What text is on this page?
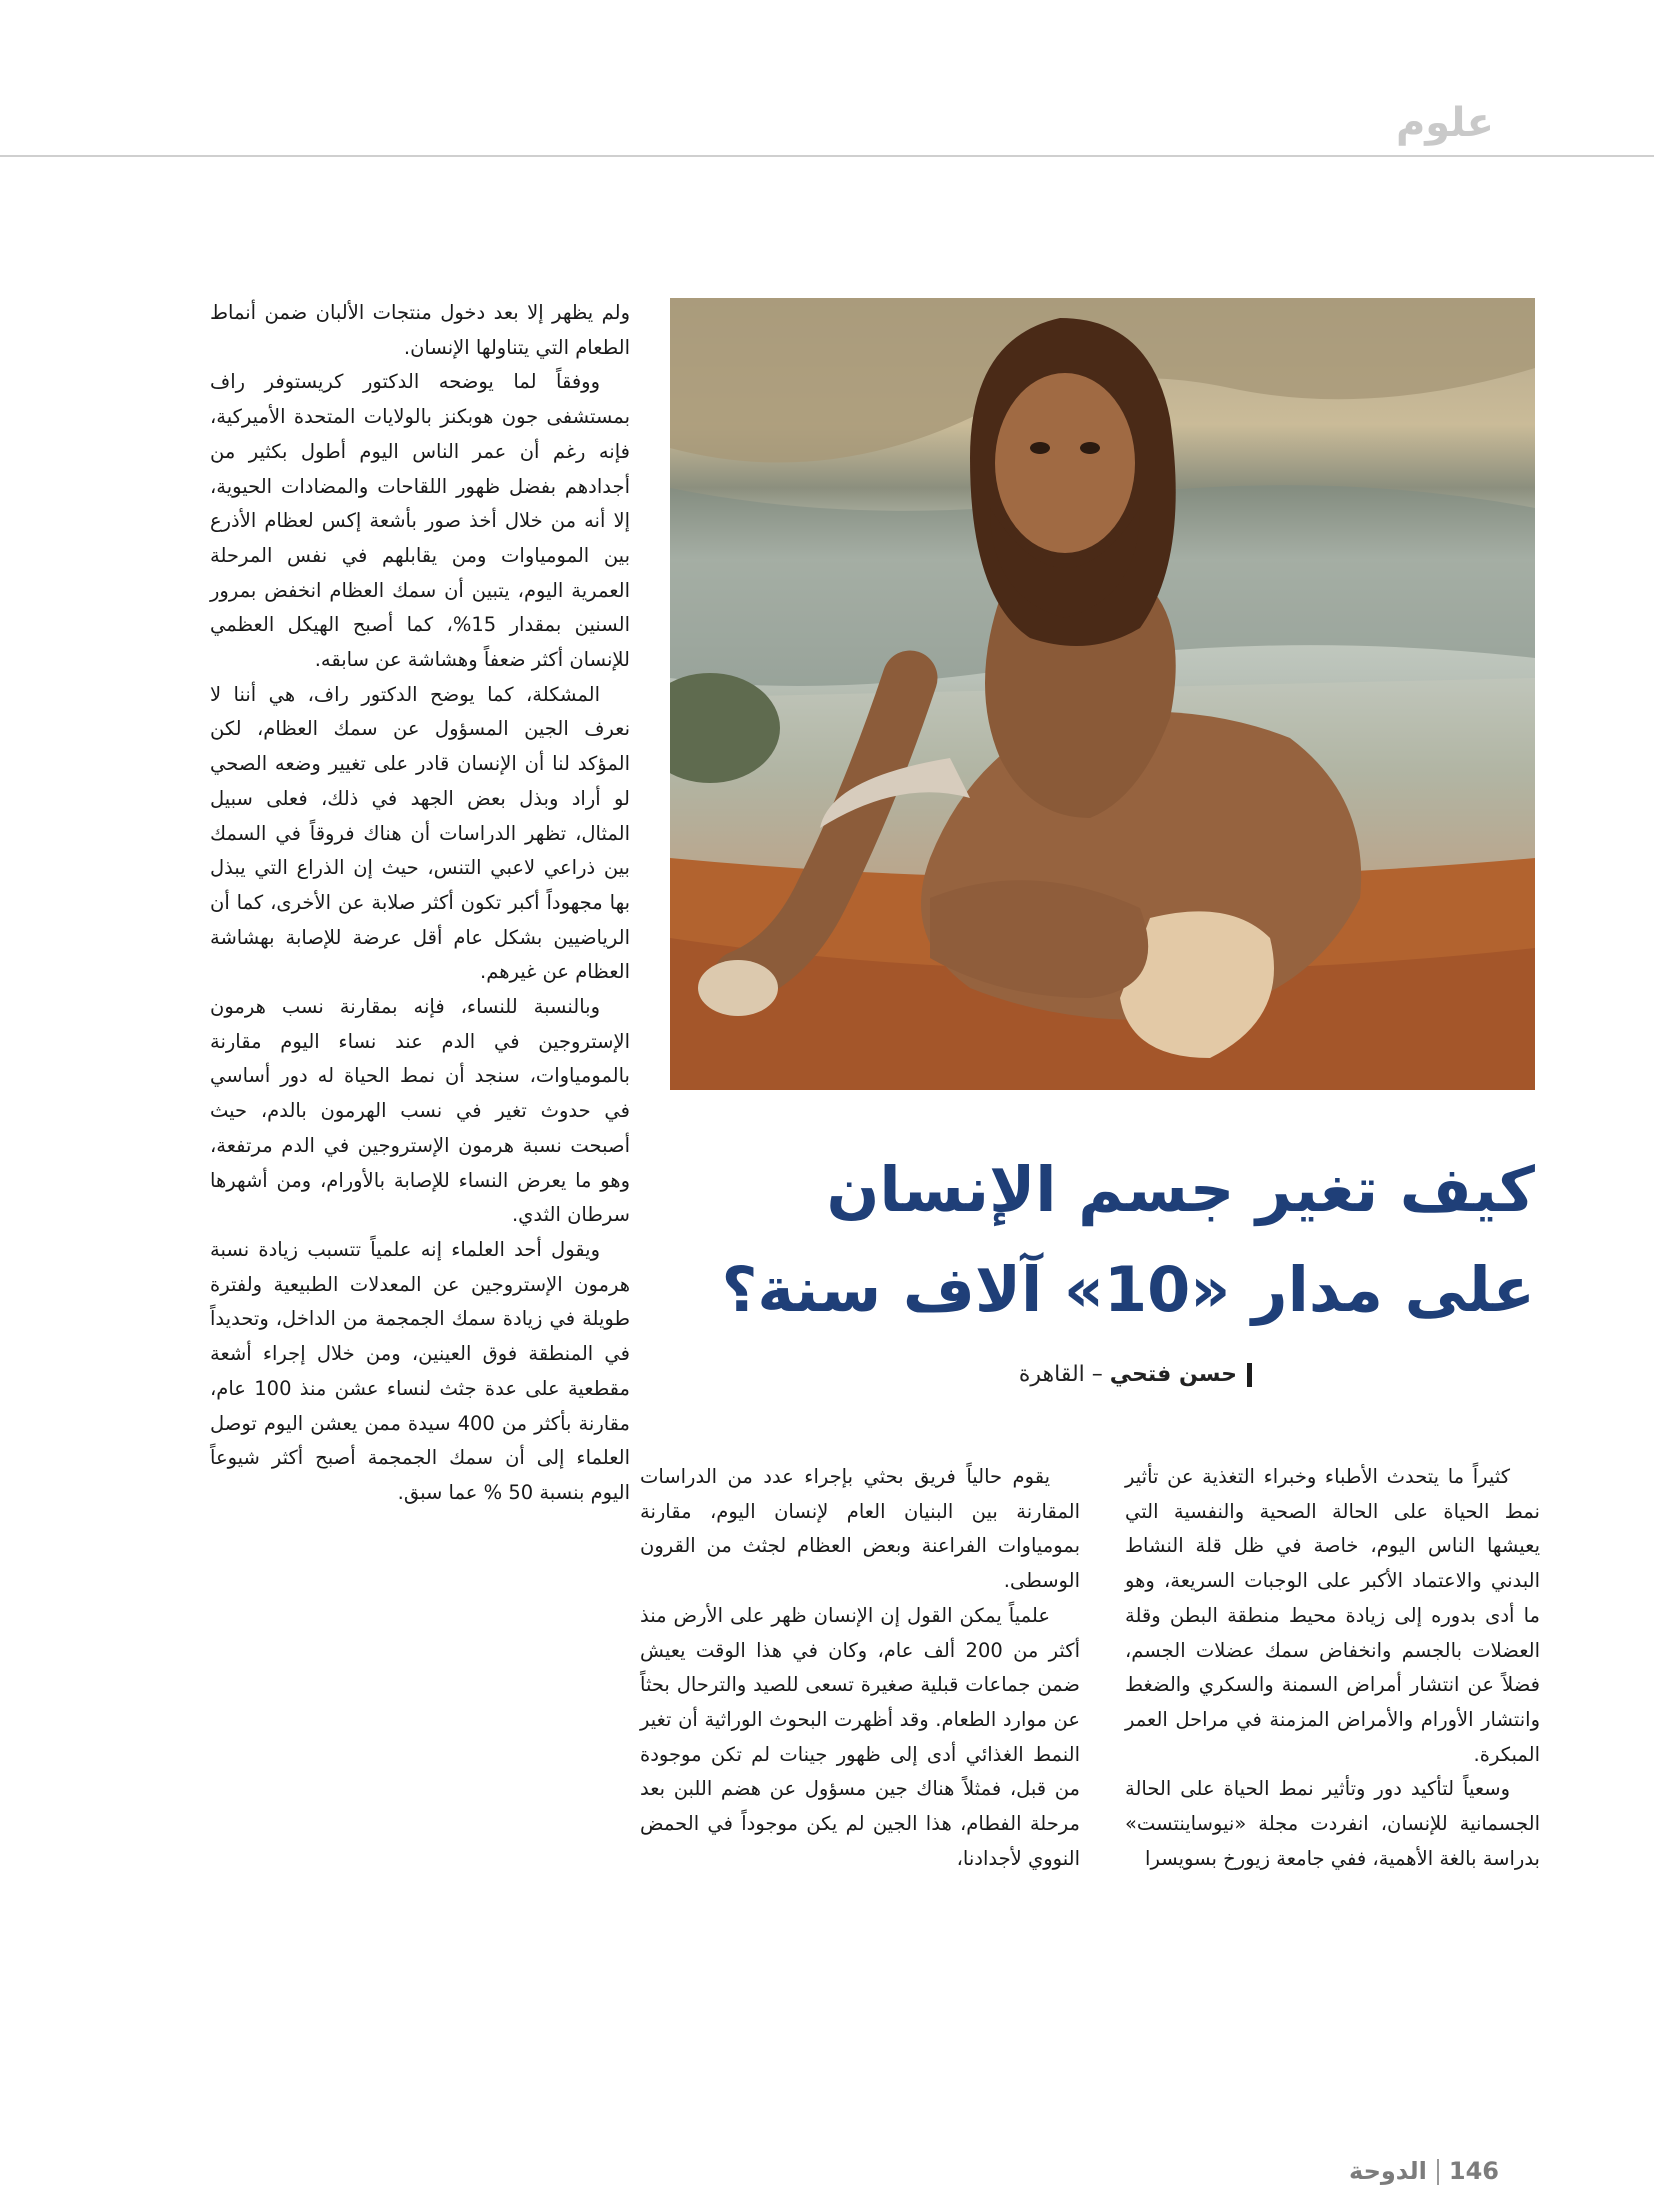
علوم
كيف تغير جسم الإنسان
على مدار «10» آلاف سنة؟
حسن فتحي – القاهرة

ولم يظهر إلا بعد دخول منتجات الألبان ضمن أنماط الطعام التي يتناولها الإنسان.

ووفقاً لما يوضحه الدكتور كريستوفر راف بمستشفى جون هوبكنز بالولايات المتحدة الأميركية، فإنه رغم أن عمر الناس اليوم أطول بكثير من أجدادهم بفضل ظهور اللقاحات والمضادات الحيوية، إلا أنه من خلال أخذ صور بأشعة إكس لعظام الأذرع بين المومياوات ومن يقابلهم في نفس المرحلة العمرية اليوم، يتبين أن سمك العظام انخفض بمرور السنين بمقدار 15%، كما أصبح الهيكل العظمي للإنسان أكثر ضعفاً وهشاشة عن سابقه.

المشكلة، كما يوضح الدكتور راف، هي أننا لا نعرف الجين المسؤول عن سمك العظام، لكن المؤكد لنا أن الإنسان قادر على تغيير وضعه الصحي لو أراد وبذل بعض الجهد في ذلك، فعلى سبيل المثال، تظهر الدراسات أن هناك فروقاً في السمك بين ذراعي لاعبي التنس، حيث إن الذراع التي يبذل بها مجهوداً أكبر تكون أكثر صلابة عن الأخرى، كما أن الرياضيين بشكل عام أقل عرضة للإصابة بهشاشة العظام عن غيرهم.

وبالنسبة للنساء، فإنه بمقارنة نسب هرمون الإستروجين في الدم عند نساء اليوم مقارنة بالمومياوات، سنجد أن نمط الحياة له دور أساسي في حدوث تغير في نسب الهرمون بالدم، حيث أصبحت نسبة هرمون الإستروجين في الدم مرتفعة، وهو ما يعرض النساء للإصابة بالأورام، ومن أشهرها سرطان الثدي.

ويقول أحد العلماء إنه علمياً تتسبب زيادة نسبة هرمون الإستروجين عن المعدلات الطبيعية ولفترة طويلة في زيادة سمك الجمجمة من الداخل، وتحديداً في المنطقة فوق العينين، ومن خلال إجراء أشعة مقطعية على عدة جثث لنساء عشن منذ 100 عام، مقارنة بأكثر من 400 سيدة ممن يعشن اليوم توصل العلماء إلى أن سمك الجمجمة أصبح أكثر شيوعاً اليوم بنسبة 50 % عما سبق.

يقوم حالياً فريق بحثي بإجراء عدد من الدراسات المقارنة بين البنيان العام لإنسان اليوم، مقارنة بمومياوات الفراعنة وبعض العظام لجثث من القرون الوسطى.

علمياً يمكن القول إن الإنسان ظهر على الأرض منذ أكثر من 200 ألف عام، وكان في هذا الوقت يعيش ضمن جماعات قبلية صغيرة تسعى للصيد والترحال بحثاً عن موارد الطعام. وقد أظهرت البحوث الوراثية أن تغير النمط الغذائي أدى إلى ظهور جينات لم تكن موجودة من قبل، فمثلاً هناك جين مسؤول عن هضم اللبن بعد مرحلة الفطام، هذا الجين لم يكن موجوداً في الحمض النووي لأجدادنا،

كثيراً ما يتحدث الأطباء وخبراء التغذية عن تأثير نمط الحياة على الحالة الصحية والنفسية التي يعيشها الناس اليوم، خاصة في ظل قلة النشاط البدني والاعتماد الأكبر على الوجبات السريعة، وهو ما أدى بدوره إلى زيادة محيط منطقة البطن وقلة العضلات بالجسم وانخفاض سمك عضلات الجسم، فضلاً عن انتشار أمراض السمنة والسكري والضغط وانتشار الأورام والأمراض المزمنة في مراحل العمر المبكرة.

وسعياً لتأكيد دور وتأثير نمط الحياة على الحالة الجسمانية للإنسان، انفردت مجلة «نيوساينتست» بدراسة بالغة الأهمية، ففي جامعة زيورخ بسويسرا

146الدوحة
